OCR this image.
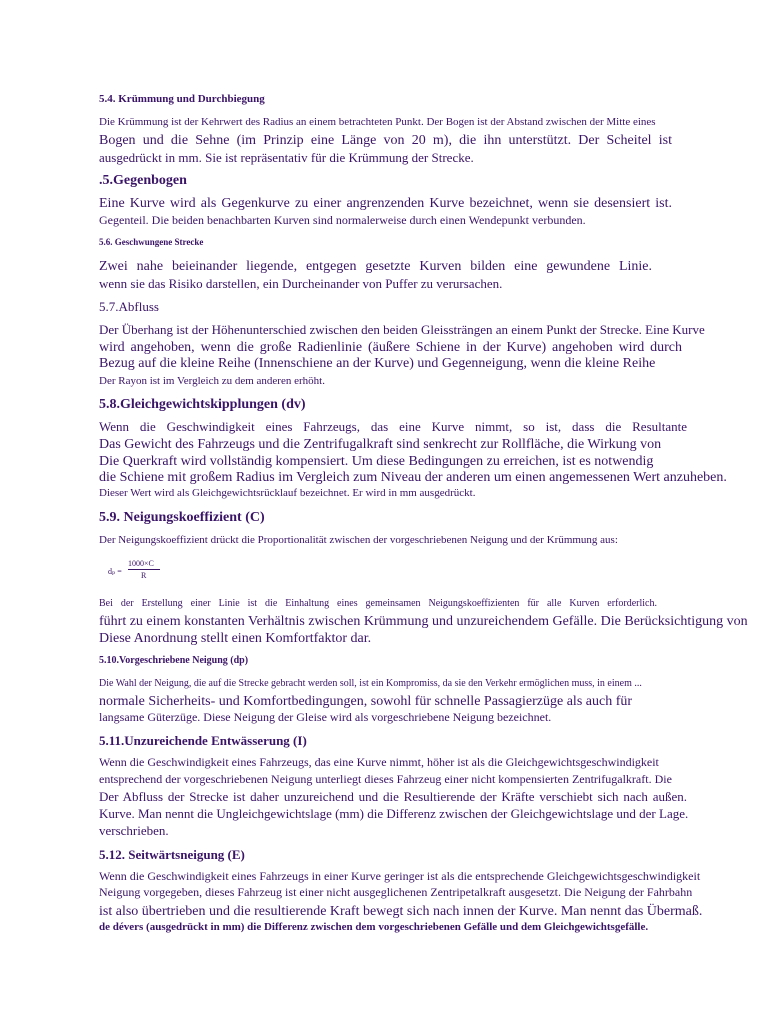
5.4. Krümmung und Durchbiegung
Die Krümmung ist der Kehrwert des Radius an einem betrachteten Punkt. Der Bogen ist der Abstand zwischen der Mitte eines
Bogen und die Sehne (im Prinzip eine Länge von 20 m), die ihn unterstützt. Der Scheitel ist
ausgedrückt in mm. Sie ist repräsentativ für die Krümmung der Strecke.
.5.Gegenbogen
Eine Kurve wird als Gegenkurve zu einer angrenzenden Kurve bezeichnet, wenn sie desensiert ist.
Gegenteil. Die beiden benachbarten Kurven sind normalerweise durch einen Wendepunkt verbunden.
5.6. Geschwungene Strecke
Zwei nahe beieinander liegende, entgegen gesetzte Kurven bilden eine gewundene Linie.
wenn sie das Risiko darstellen, ein Durcheinander von Puffer zu verursachen.
5.7.Abfluss
Der Überhang ist der Höhenunterschied zwischen den beiden Gleissträngen an einem Punkt der Strecke. Eine Kurve
wird angehoben, wenn die große Radienlinie (äußere Schiene in der Kurve) angehoben wird durch
Bezug auf die kleine Reihe (Innenschiene an der Kurve) und Gegenneigung, wenn die kleine Reihe
Der Rayon ist im Vergleich zu dem anderen erhöht.
5.8.Gleichgewichtskipplungen (dv)
Wenn die Geschwindigkeit eines Fahrzeugs, das eine Kurve nimmt, so ist, dass die Resultante
Das Gewicht des Fahrzeugs und die Zentrifugalkraft sind senkrecht zur Rollfläche, die Wirkung von
Die Querkraft wird vollständig kompensiert. Um diese Bedingungen zu erreichen, ist es notwendig
die Schiene mit großem Radius im Vergleich zum Niveau der anderen um einen angemessenen Wert anzuheben.
Dieser Wert wird als Gleichgewichtsrücklauf bezeichnet. Er wird in mm ausgedrückt.
5.9. Neigungskoeffizient (C)
Der Neigungskoeffizient drückt die Proportionalität zwischen der vorgeschriebenen Neigung und der Krümmung aus:
dₚ =
1000×C
R
Bei der Erstellung einer Linie ist die Einhaltung eines gemeinsamen Neigungskoeffizienten für alle Kurven erforderlich.
führt zu einem konstanten Verhältnis zwischen Krümmung und unzureichendem Gefälle. Die Berücksichtigung von
Diese Anordnung stellt einen Komfortfaktor dar.
5.10.Vorgeschriebene Neigung (dp)
Die Wahl der Neigung, die auf die Strecke gebracht werden soll, ist ein Kompromiss, da sie den Verkehr ermöglichen muss, in einem ...
normale Sicherheits- und Komfortbedingungen, sowohl für schnelle Passagierzüge als auch für
langsame Güterzüge. Diese Neigung der Gleise wird als vorgeschriebene Neigung bezeichnet.
5.11.Unzureichende Entwässerung (I)
Wenn die Geschwindigkeit eines Fahrzeugs, das eine Kurve nimmt, höher ist als die Gleichgewichtsgeschwindigkeit
entsprechend der vorgeschriebenen Neigung unterliegt dieses Fahrzeug einer nicht kompensierten Zentrifugalkraft. Die
Der Abfluss der Strecke ist daher unzureichend und die Resultierende der Kräfte verschiebt sich nach außen.
Kurve. Man nennt die Ungleichgewichtslage (mm) die Differenz zwischen der Gleichgewichtslage und der Lage.
verschrieben.
5.12. Seitwärtsneigung (E)
Wenn die Geschwindigkeit eines Fahrzeugs in einer Kurve geringer ist als die entsprechende Gleichgewichtsgeschwindigkeit
Neigung vorgegeben, dieses Fahrzeug ist einer nicht ausgeglichenen Zentripetalkraft ausgesetzt. Die Neigung der Fahrbahn
ist also übertrieben und die resultierende Kraft bewegt sich nach innen der Kurve. Man nennt das Übermaß.
de dévers (ausgedrückt in mm) die Differenz zwischen dem vorgeschriebenen Gefälle und dem Gleichgewichtsgefälle.
